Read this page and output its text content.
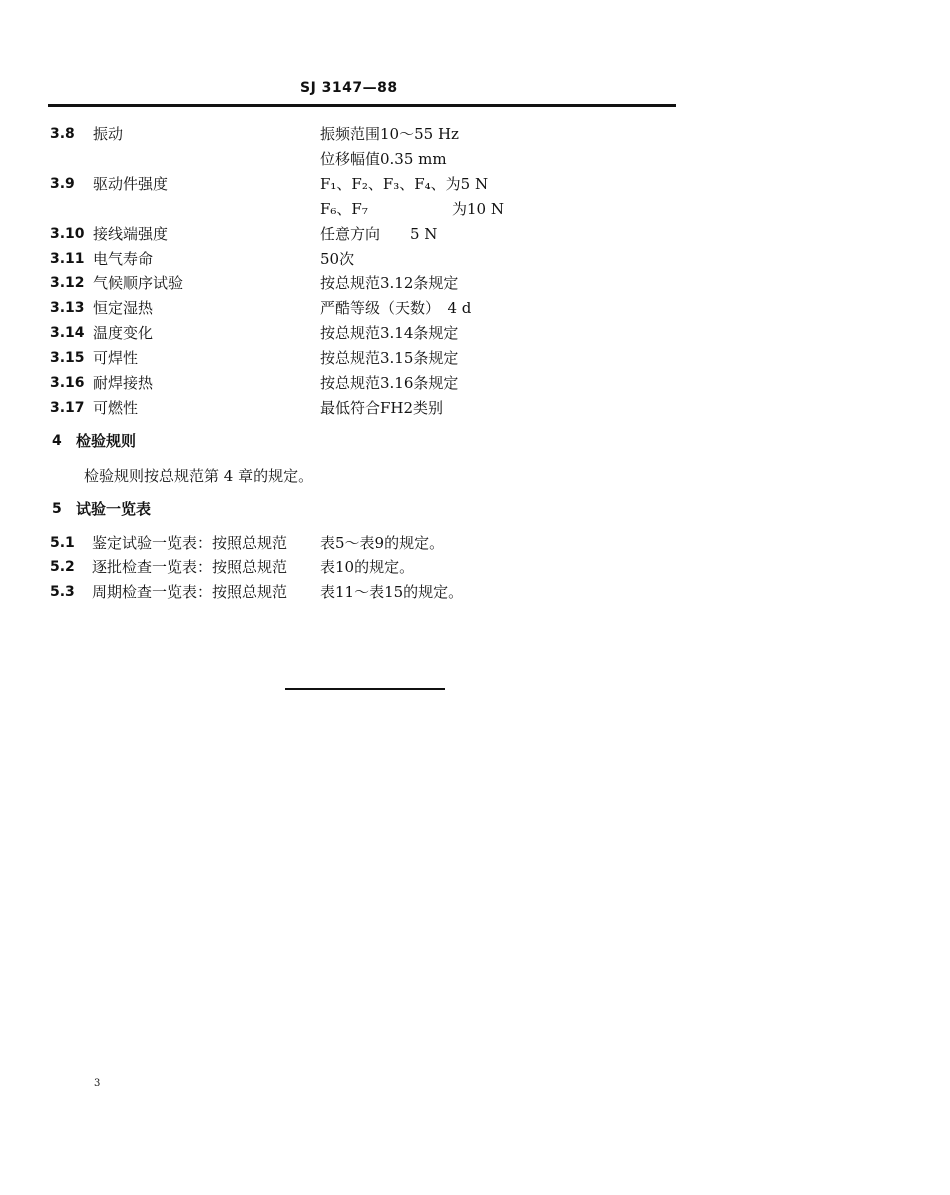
SJ 3147—88
3.8 振动	振频范围10～55 Hz
位移幅值0.35 mm
3.9 驱动件强度	F₁、F₂、F₃、F₄、为5 N
F₆、F₇	为10 N
3.10 接线端强度	任意方向　　5 N
3.11 电气寿命	50次
3.12 气候顺序试验	按总规范3.12条规定
3.13 恒定湿热	严酷等级（天数）　4 d
3.14 温度变化	按总规范3.14条规定
3.15 可焊性	按总规范3.15条规定
3.16 耐焊接热	按总规范3.16条规定
3.17 可燃性	最低符合FH2类别
4 检验规则
检验规则按总规范第 4 章的规定。
5 试验一览表
5.1 鉴定试验一览表：按照总规范 表5～表9的规定。
5.2 逐批检查一览表：按照总规范 表10的规定。
5.3 周期检查一览表：按照总规范 表11～表15的规定。
3
